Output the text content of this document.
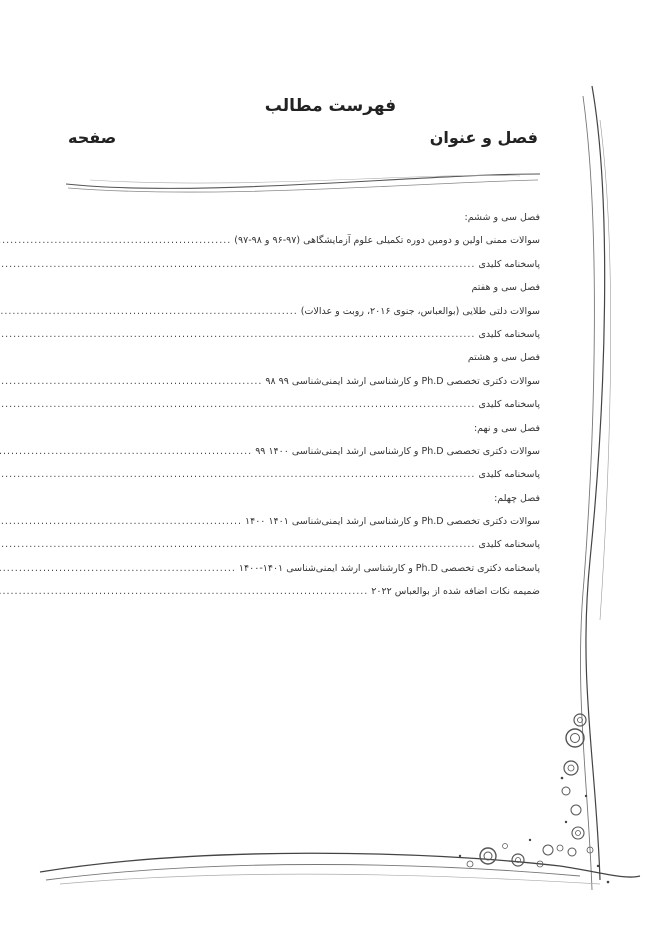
فهرست مطالب
فصل و عنوان
صفحه
فصل سی و ششم:
سوالات ممنی اولین و دومین دوره تکمیلی علوم آزمایشگاهی (۹۷-۹۶ و ۹۸-۹۷)
.....
پاسخنامه کلیدی
.....
فصل سی و هفتم
سوالات دلتی طلایی (بوالعباس، جنوی ۲۰۱۶، روبت و عدالات)
.....
پاسخنامه کلیدی
.....
فصل سی و هشتم
سوالات دکتری تخصصی Ph.D و کارشناسی ارشد ایمنی‌شناسی ۹۹ ۹۸
.....
پاسخنامه کلیدی
.....
فصل سی و نهم:
سوالات دکتری تخصصی Ph.D و کارشناسی ارشد ایمنی‌شناسی ۱۴۰۰ ۹۹
.....
پاسخنامه کلیدی
.....
فصل چهلم:
سوالات دکتری تخصصی Ph.D و کارشناسی ارشد ایمنی‌شناسی ۱۴۰۱ ۱۴۰۰
.....
پاسخنامه کلیدی
.....
پاسخنامه دکتری تخصصی Ph.D و کارشناسی ارشد ایمنی‌شناسی ۱۴۰۱-۱۴۰۰
.....
ضمیمه نکات اضافه شده از بوالعباس ۲۰۲۲
.....
